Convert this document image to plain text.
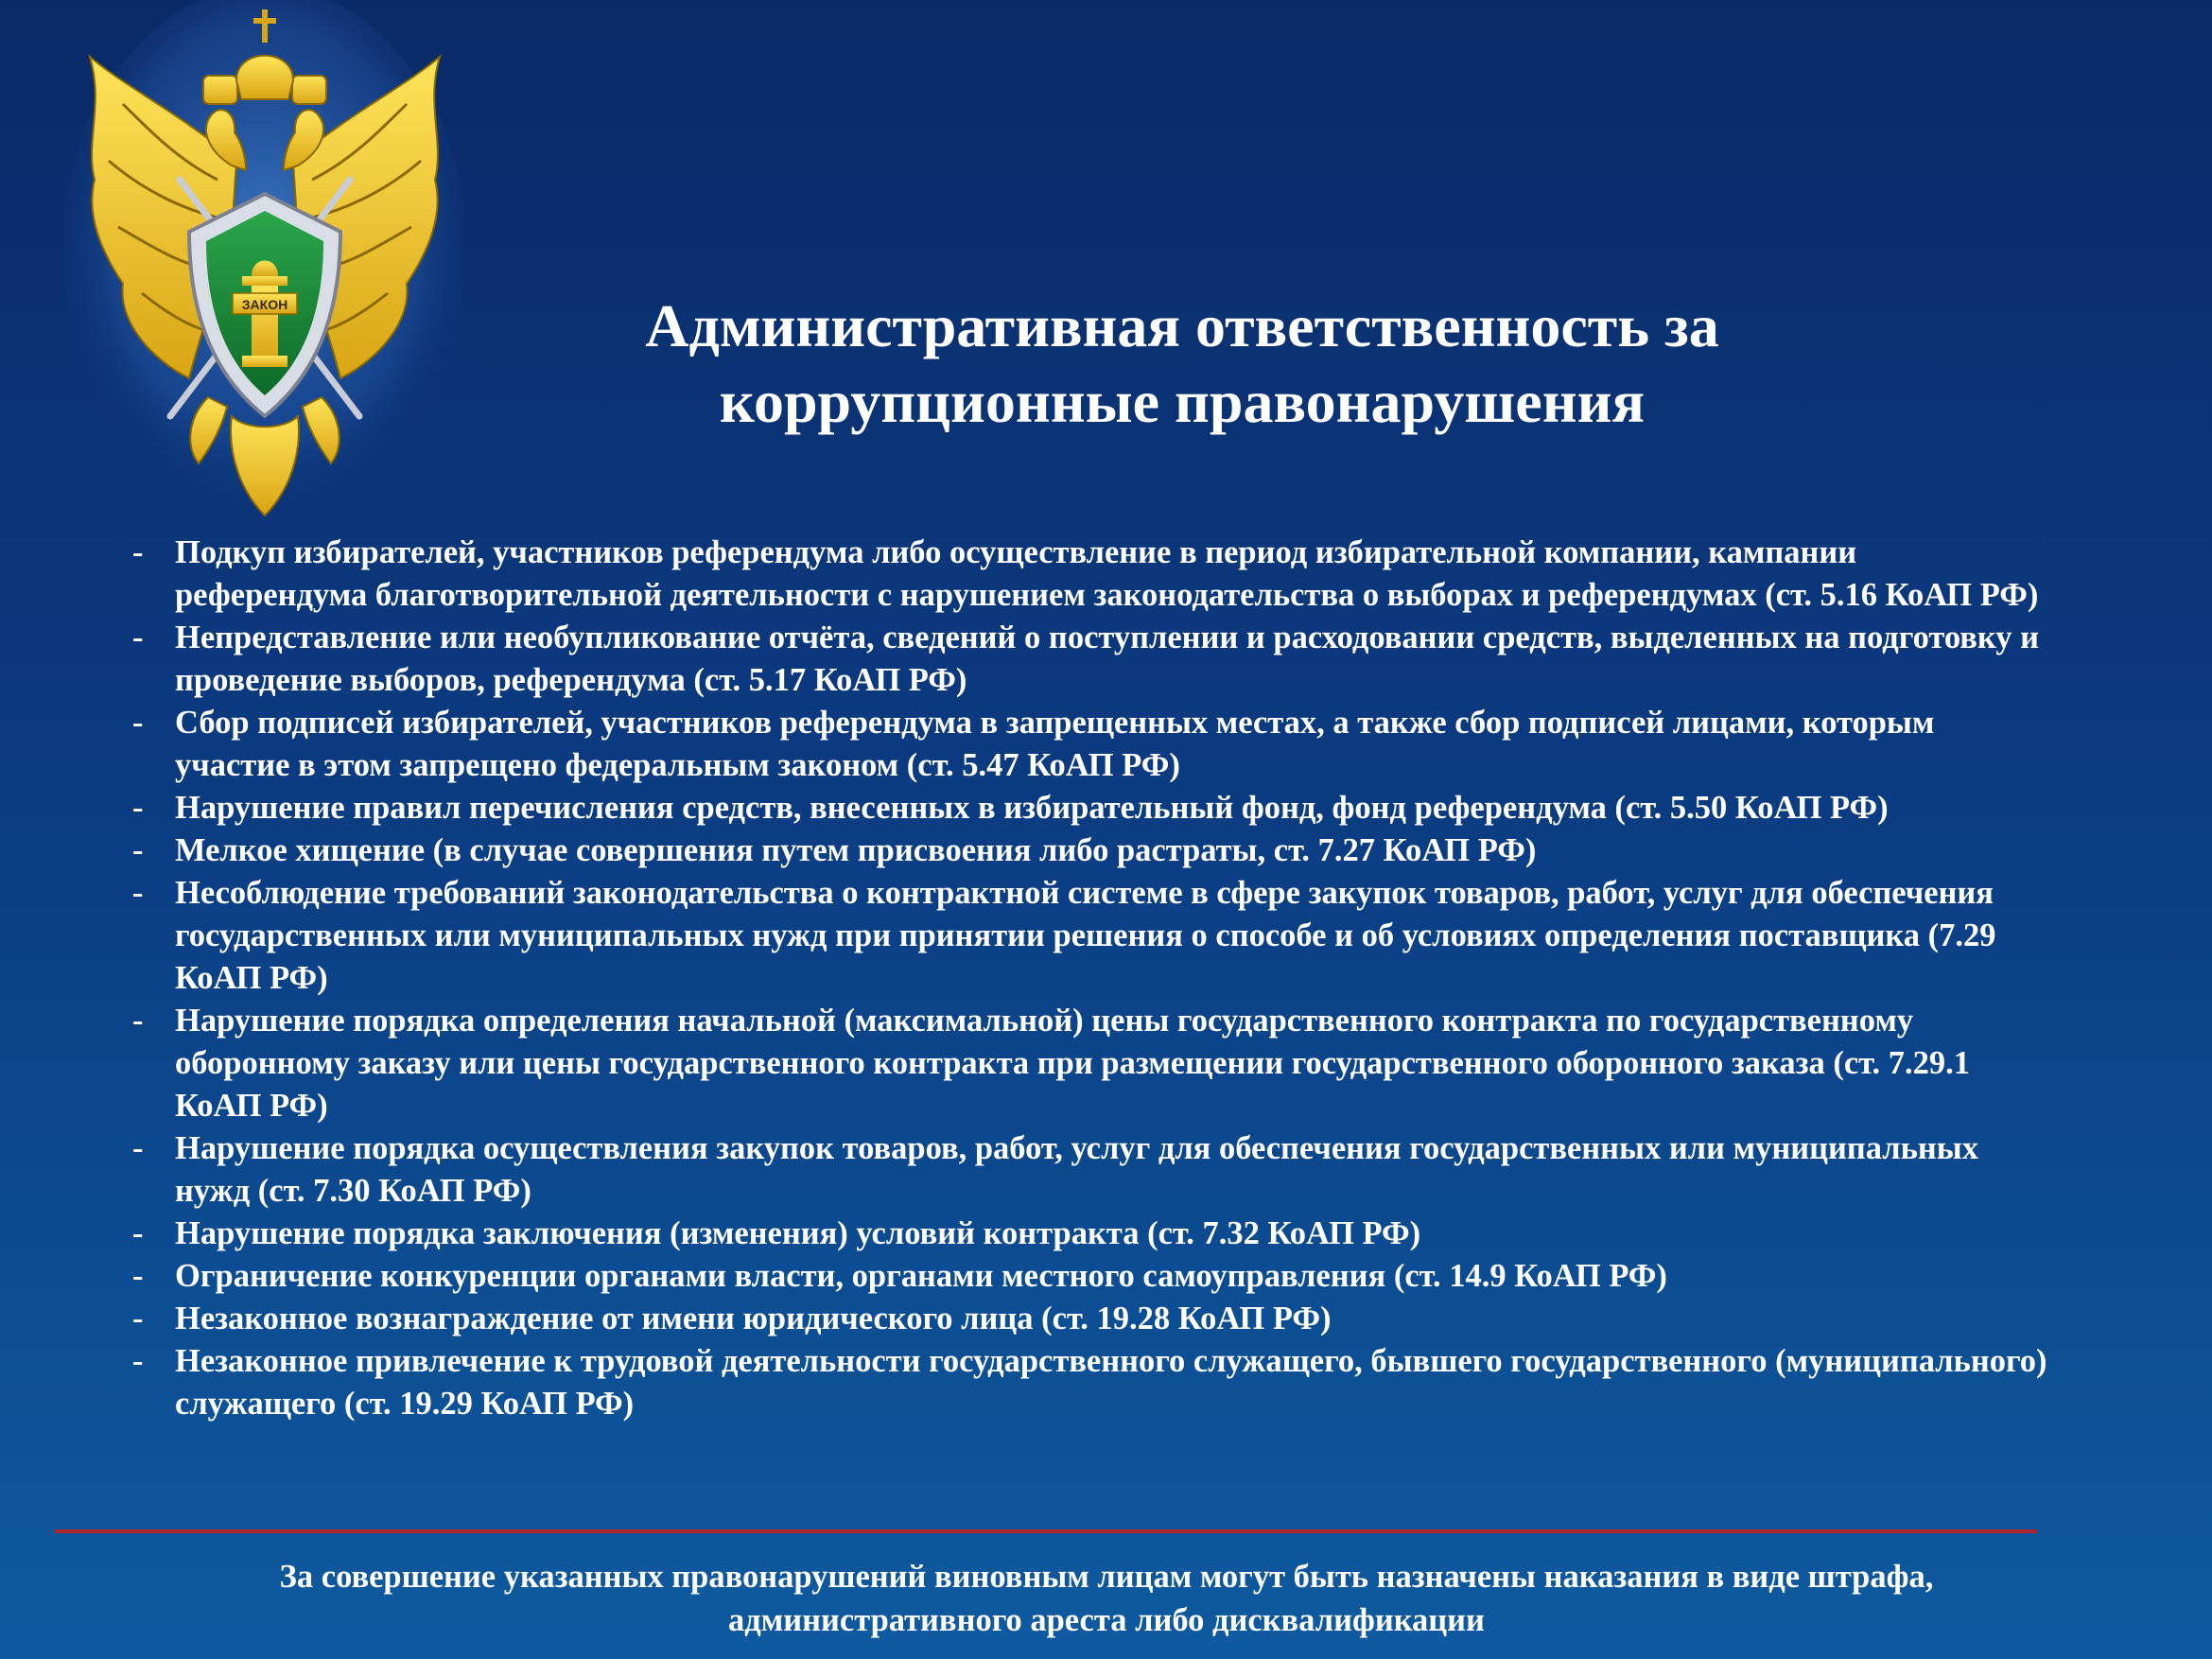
ЗАКОН	Административная ответственность за
коррупционные правонарушения
- Подкуп избирателей, участников референдума либо осуществление в период избирательной компании, кампании референдума благотворительной деятельности с нарушением законодательства о выборах и референдумах (ст. 5.16 КоАП РФ)
- Непредставление или необупликование отчёта, сведений о поступлении и расходовании средств, выделенных на подготовку и проведение выборов, референдума (ст. 5.17 КоАП РФ)
- Сбор подписей избирателей, участников референдума в запрещенных местах, а также сбор подписей лицами, которым участие в этом запрещено федеральным законом (ст. 5.47 КоАП РФ)
- Нарушение правил перечисления средств, внесенных в избирательный фонд, фонд референдума (ст. 5.50 КоАП РФ)
- Мелкое хищение (в случае совершения путем присвоения либо растраты, ст. 7.27 КоАП РФ)
- Несоблюдение требований законодательства о контрактной системе в сфере закупок товаров, работ, услуг для обеспечения государственных или муниципальных нужд при принятии решения о способе и об условиях определения поставщика (7.29 КоАП РФ)
- Нарушение порядка определения начальной (максимальной) цены государственного контракта по государственному оборонному заказу или цены государственного контракта при размещении государственного оборонного заказа (ст. 7.29.1 КоАП РФ)
- Нарушение порядка осуществления закупок товаров, работ, услуг для обеспечения государственных или муниципальных нужд (ст. 7.30 КоАП РФ)
- Нарушение порядка заключения (изменения) условий контракта (ст. 7.32 КоАП РФ)
- Ограничение конкуренции органами власти, органами местного самоуправления (ст. 14.9 КоАП РФ)
- Незаконное вознаграждение от имени юридического лица (ст. 19.28 КоАП РФ)
- Незаконное привлечение к трудовой деятельности государственного служащего, бывшего государственного (муниципального) служащего (ст. 19.29 КоАП РФ)
За совершение указанных правонарушений виновным лицам могут быть назначены наказания в виде штрафа,
административного ареста либо дисквалификации
